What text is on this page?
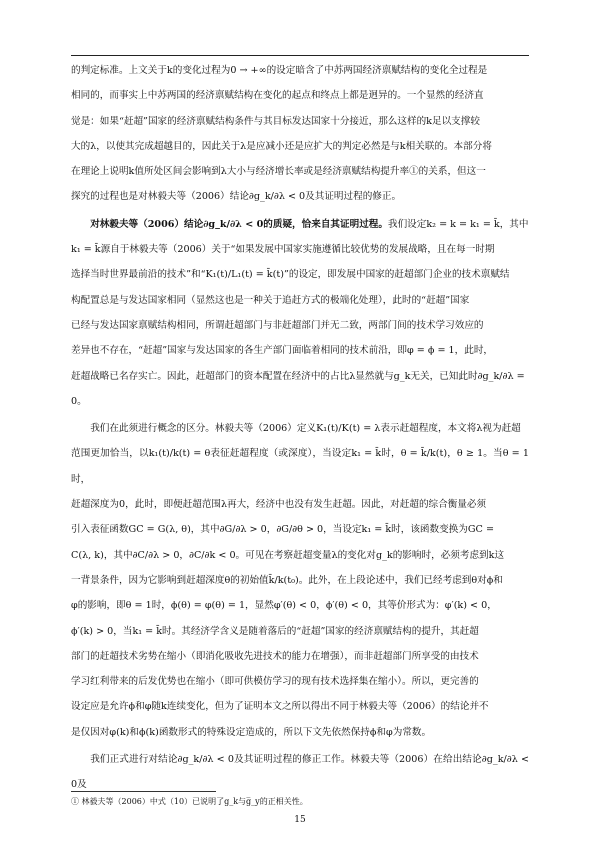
的判定标准。上文关于k的变化过程为0 → +∞的设定暗含了中苏两国经济禀赋结构的变化全过程是

相同的，而事实上中苏两国的经济禀赋结构在变化的起点和终点上都是迥异的。一个显然的经济直

觉是：如果“赶超”国家的经济禀赋结构条件与其目标发达国家十分接近，那么这样的k足以支撑较

大的λ，以使其完成超越目的，因此关于λ是应减小还是应扩大的判定必然是与k相关联的。本部分将

在理论上说明k值所处区间会影响到λ大小与经济增长率或是经济禀赋结构提升率①的关系，但这一

探究的过程也是对林毅夫等（2006）结论∂g_k/∂λ < 0及其证明过程的修正。

对林毅夫等（2006）结论∂g_k/∂λ < 0的质疑，恰来自其证明过程。我们设定k₂ = k = k₁ = k̄，其中

k₁ = k̄源自于林毅夫等（2006）关于“如果发展中国家实施遵循比较优势的发展战略，且在每一时期

选择当时世界最前沿的技术”和“K₁(t)/L₁(t) = k̄(t)”的设定，即发展中国家的赶超部门企业的技术禀赋结

构配置总是与发达国家相同（显然这也是一种关于追赶方式的极端化处理），此时的“赶超”国家

已经与发达国家禀赋结构相同，所谓赶超部门与非赶超部门并无二致，两部门间的技术学习效应的

差异也不存在，“赶超”国家与发达国家的各生产部门面临着相同的技术前沿，即φ = ϕ = 1，此时，

赶超战略已名存实亡。因此，赶超部门的资本配置在经济中的占比λ显然就与g_k无关，已知此时∂g_k/∂λ =

0。

我们在此须进行概念的区分。林毅夫等（2006）定义K₁(t)/K(t) = λ表示赶超程度，本文将λ视为赶超

范围更加恰当，以k₁(t)/k(t) = θ表征赶超程度（或深度），当设定k₁ = k̄时，θ = k̄/k(t)，θ ≥ 1。当θ = 1时，

赶超深度为0，此时，即便赶超范围λ再大，经济中也没有发生赶超。因此，对赶超的综合衡量必须

引入表征函数GC = G(λ, θ)，其中∂G/∂λ > 0，∂G/∂θ > 0，当设定k₁ = k̄时，该函数变换为GC =

C(λ, k)，其中∂C/∂λ > 0，∂C/∂k < 0。可见在考察赶超变量λ的变化对g_k的影响时，必须考虑到k这

一背景条件，因为它影响到赶超深度θ的初始值k̄/k(t₀)。此外，在上段论述中，我们已经考虑到θ对ϕ和

φ的影响，即θ = 1时，ϕ(θ) = φ(θ) = 1，显然φ′(θ) < 0，ϕ′(θ) < 0，其等价形式为：φ′(k) < 0，

ϕ′(k) > 0，当k₁ = k̄时。其经济学含义是随着落后的“赶超”国家的经济禀赋结构的提升，其赶超

部门的赶超技术劣势在缩小（即消化吸收先进技术的能力在增强），而非赶超部门所享受的由技术

学习红利带来的后发优势也在缩小（即可供模仿学习的现有技术选择集在缩小）。所以，更完善的

设定应是允许ϕ和φ随k连续变化，但为了证明本文之所以得出不同于林毅夫等（2006）的结论并不

是仅因对φ(k)和ϕ(k)函数形式的特殊设定造成的，所以下文先依然保持ϕ和φ为常数。

我们正式进行对结论∂g_k/∂λ < 0及其证明过程的修正工作。林毅夫等（2006）在给出结论∂g_k/∂λ < 0及

① 林毅夫等（2006）中式（10）已说明了g_k与g̅_y的正相关性。
15
